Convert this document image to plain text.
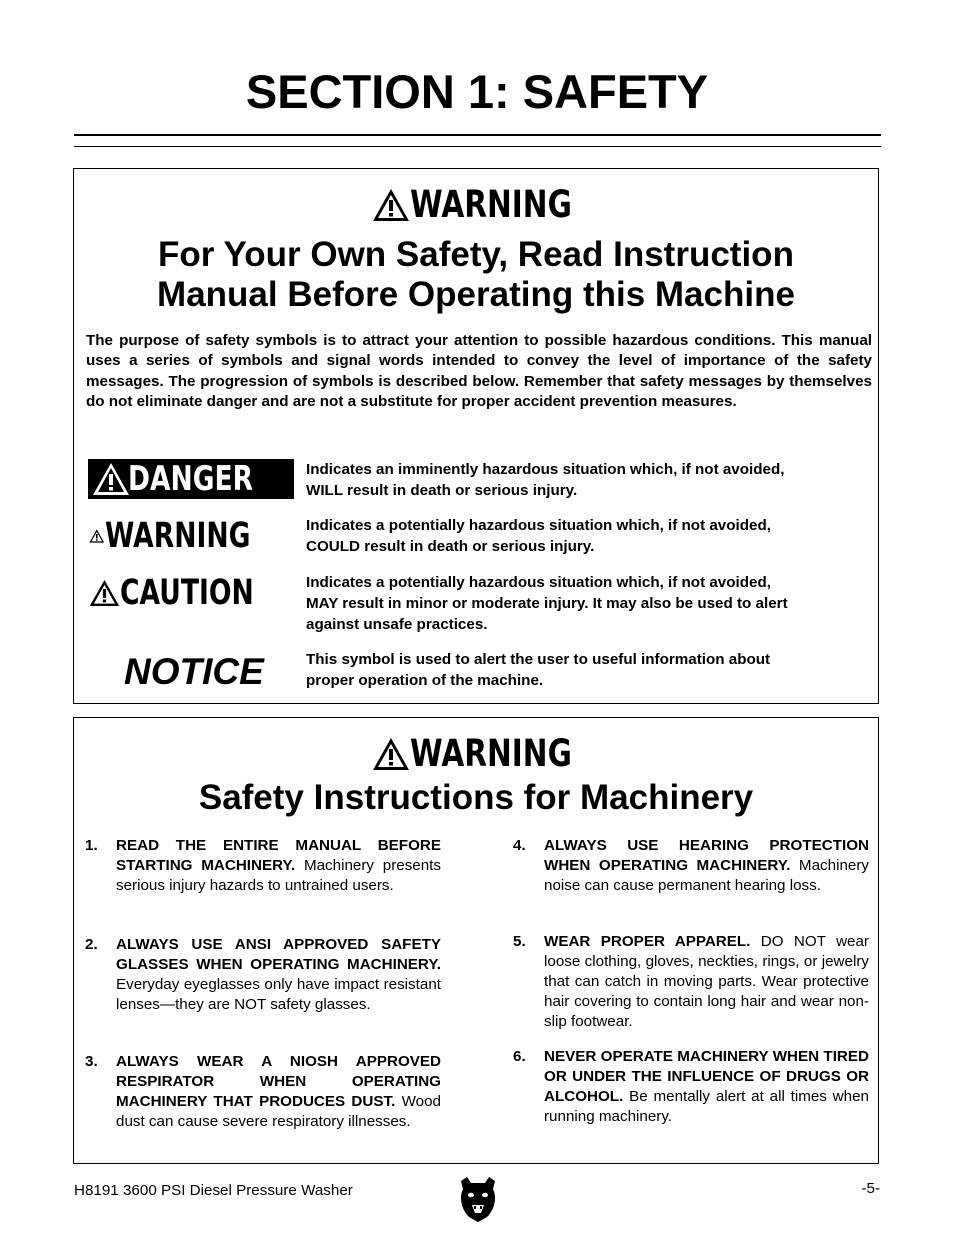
SECTION 1: SAFETY
WARNING
For Your Own Safety, Read Instruction
Manual Before Operating this Machine
The purpose of safety symbols is to attract your attention to possible hazardous conditions. This manual uses a series of symbols and signal words intended to convey the level of importance of the safety messages. The progression of symbols is described below. Remember that safety messages by themselves do not eliminate danger and are not a substitute for proper accident prevention measures.
DANGER	Indicates an imminently hazardous situation which, if not avoided,
WILL result in death or serious injury.
WARNING	Indicates a potentially hazardous situation which, if not avoided,
COULD result in death or serious injury.
CAUTION	Indicates a potentially hazardous situation which, if not avoided,
MAY result in minor or moderate injury. It may also be used to alert
against unsafe practices.
NOTICE	This symbol is used to alert the user to useful information about
proper operation of the machine.
WARNING
Safety Instructions for Machinery
1. READ THE ENTIRE MANUAL BEFORE STARTING MACHINERY. Machinery presents serious injury hazards to untrained users.
2. ALWAYS USE ANSI APPROVED SAFETY GLASSES WHEN OPERATING MACHINERY. Everyday eyeglasses only have impact resistant lenses—they are NOT safety glasses.
3. ALWAYS WEAR A NIOSH APPROVED RESPIRATOR WHEN OPERATING MACHINERY THAT PRODUCES DUST. Wood dust can cause severe respiratory illnesses.
4. ALWAYS USE HEARING PROTECTION WHEN OPERATING MACHINERY. Machinery noise can cause permanent hearing loss.
5. WEAR PROPER APPAREL. DO NOT wear loose clothing, gloves, neckties, rings, or jewelry that can catch in moving parts. Wear protective hair covering to contain long hair and wear non-slip footwear.
6. NEVER OPERATE MACHINERY WHEN TIRED OR UNDER THE INFLUENCE OF DRUGS OR ALCOHOL. Be mentally alert at all times when running machinery.
H8191 3600 PSI Diesel Pressure Washer	-5-
